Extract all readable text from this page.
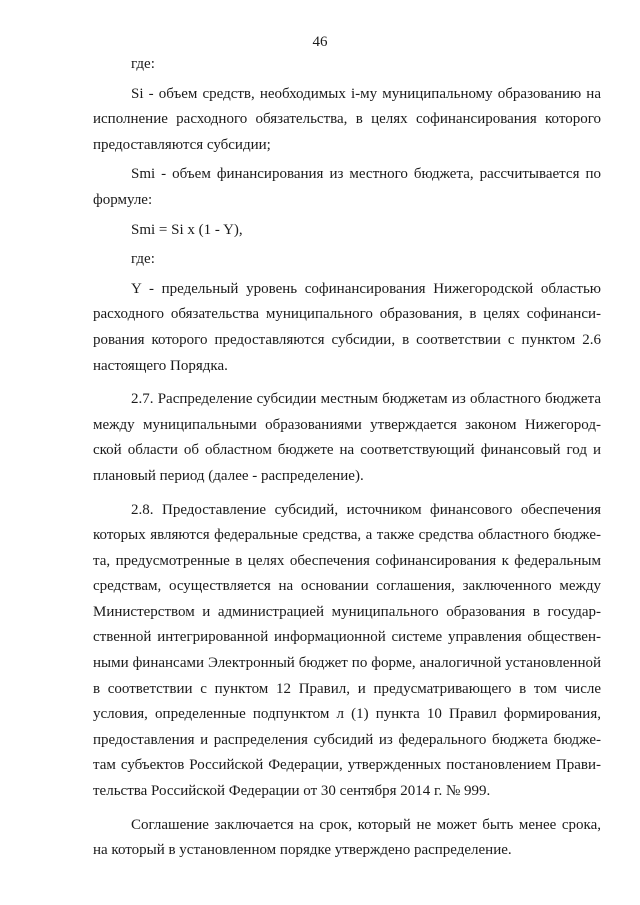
46

где:

Si - объем средств, необходимых i-му муниципальному образованию на исполнение расходного обязательства, в целях софинансирования которого предоставляются субсидии;

Smi - объем финансирования из местного бюджета, рассчитывается по формуле:

Smi = Si x (1 - Y),

где:

Y - предельный уровень софинансирования Нижегородской областью расходного обязательства муниципального образования, в целях софинанси-рования которого предоставляются субсидии, в соответствии с пунктом 2.6 настоящего Порядка.

2.7. Распределение субсидии местным бюджетам из областного бюджета между муниципальными образованиями утверждается законом Нижегород-ской области об областном бюджете на соответствующий финансовый год и плановый период (далее - распределение).

2.8. Предоставление субсидий, источником финансового обеспечения которых являются федеральные средства, а также средства областного бюдже-та, предусмотренные в целях обеспечения софинансирования к федеральным средствам, осуществляется на основании соглашения, заключенного между Министерством и администрацией муниципального образования в государ-ственной интегрированной информационной системе управления обществен-ными финансами Электронный бюджет по форме, аналогичной установленной в соответствии с пунктом 12 Правил, и предусматривающего в том числе условия, определенные подпунктом л (1) пункта 10 Правил формирования, предоставления и распределения субсидий из федерального бюджета бюдже-там субъектов Российской Федерации, утвержденных постановлением Прави-тельства Российской Федерации от 30 сентября 2014 г. № 999.

Соглашение заключается на срок, который не может быть менее срока, на который в установленном порядке утверждено распределение.
